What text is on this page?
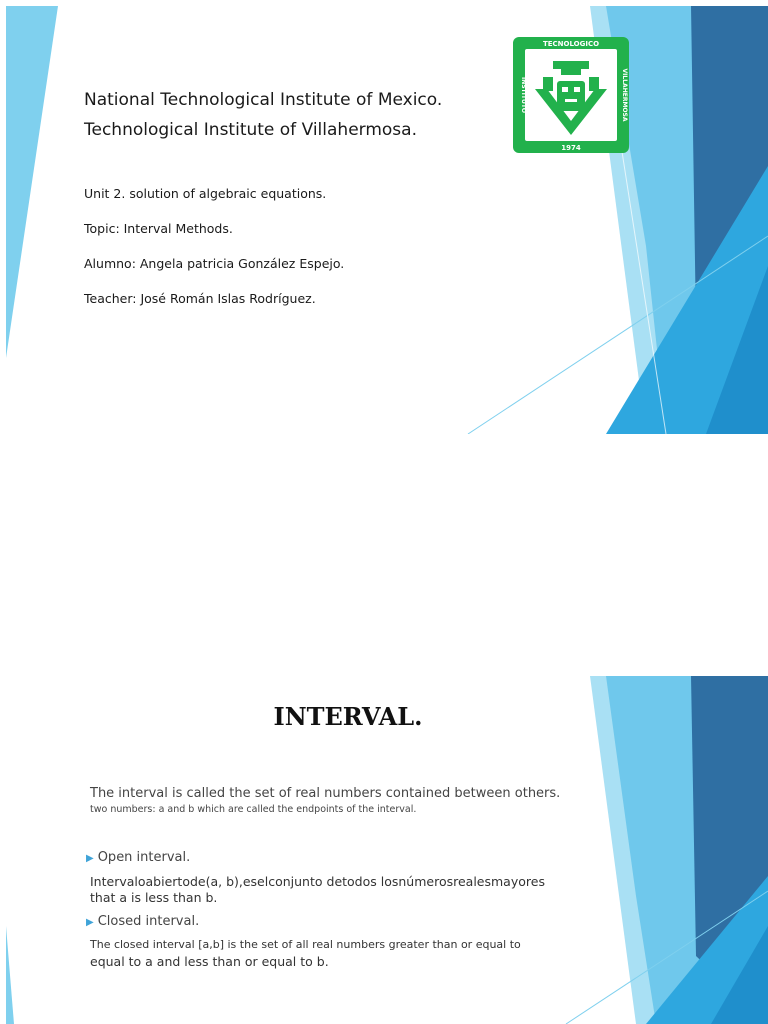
National Technological Institute of Mexico.
Technological Institute of Villahermosa.
Unit 2. solution of algebraic equations.
Topic: Interval Methods.
Alumno: Angela patricia González Espejo.
Teacher: José Román Islas Rodríguez.
TECNOLOGICO
1974
INSTITUTO	VILLAHERMOSA
INTERVAL.
The interval is called the set of real numbers contained between others.
two numbers: a and b which are called the endpoints of the interval.
▶ Open interval.
Intervaloabiertode(a, b),eselconjunto detodos losnúmerosrealesmayores
that a is less than b.
▶ Closed interval.
The closed interval [a,b] is the set of all real numbers greater than or equal to
equal to a and less than or equal to b.
